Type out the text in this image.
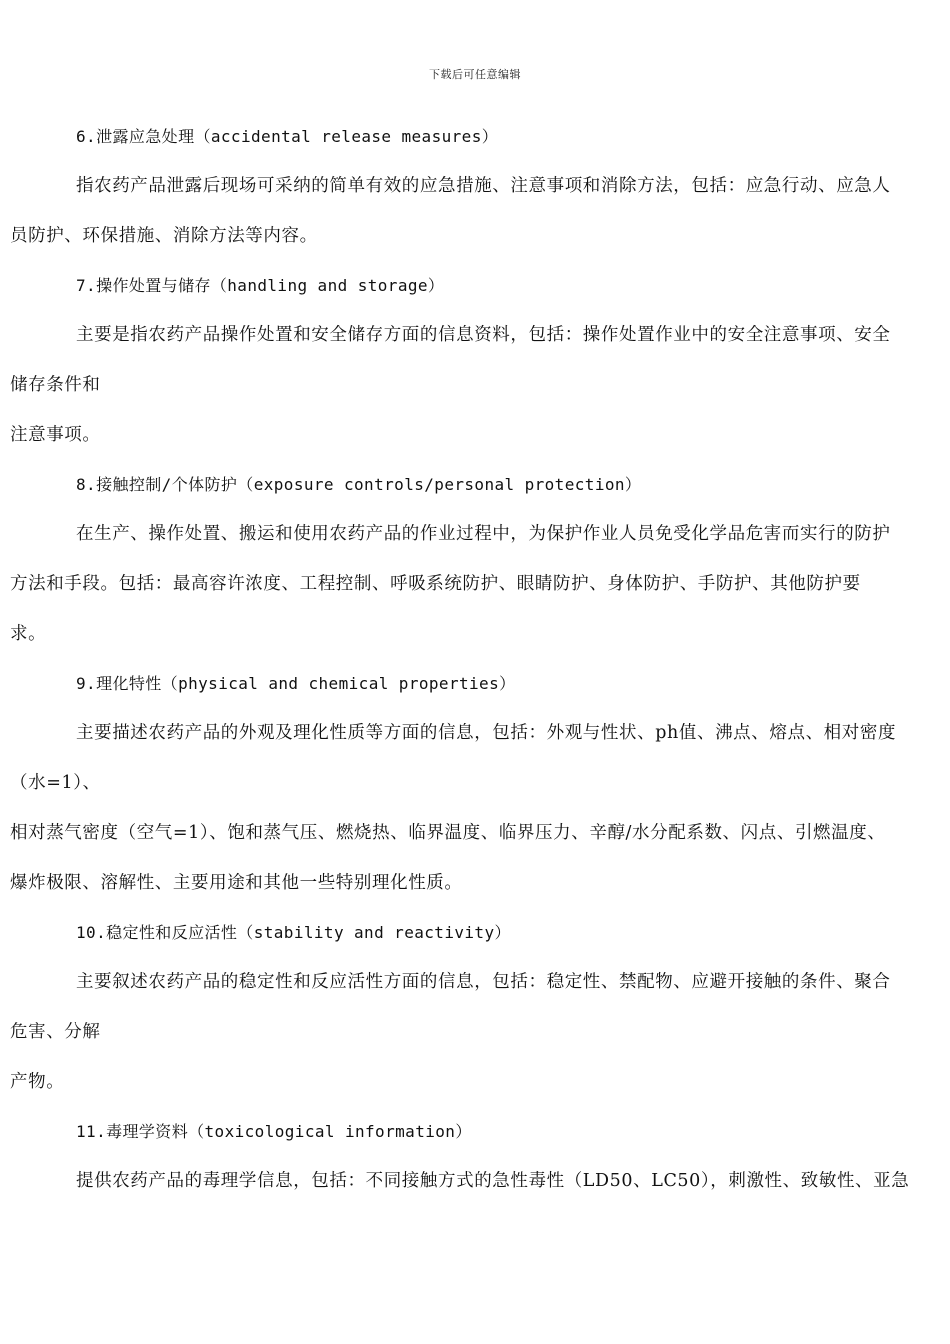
下载后可任意编辑
6.泄露应急处理（accidental release measures）
指农药产品泄露后现场可采纳的简单有效的应急措施、注意事项和消除方法，包括：应急行动、应急人
员防护、环保措施、消除方法等内容。
7.操作处置与储存（handling and storage）
主要是指农药产品操作处置和安全储存方面的信息资料，包括：操作处置作业中的安全注意事项、安全
储存条件和
注意事项。
8.接触控制/个体防护（exposure controls/personal protection）
在生产、操作处置、搬运和使用农药产品的作业过程中，为保护作业人员免受化学品危害而实行的防护
方法和手段。包括：最高容许浓度、工程控制、呼吸系统防护、眼睛防护、身体防护、手防护、其他防护要
求。
9.理化特性（physical and chemical properties）
主要描述农药产品的外观及理化性质等方面的信息，包括：外观与性状、ph值、沸点、熔点、相对密度
（水=1）、
相对蒸气密度（空气=1）、饱和蒸气压、燃烧热、临界温度、临界压力、辛醇/水分配系数、闪点、引燃温度、
爆炸极限、溶解性、主要用途和其他一些特别理化性质。
10.稳定性和反应活性（stability and reactivity）
主要叙述农药产品的稳定性和反应活性方面的信息，包括：稳定性、禁配物、应避开接触的条件、聚合
危害、分解
产物。
11.毒理学资料（toxicological information）
提供农药产品的毒理学信息，包括：不同接触方式的急性毒性（LD50、LC50），刺激性、致敏性、亚急
